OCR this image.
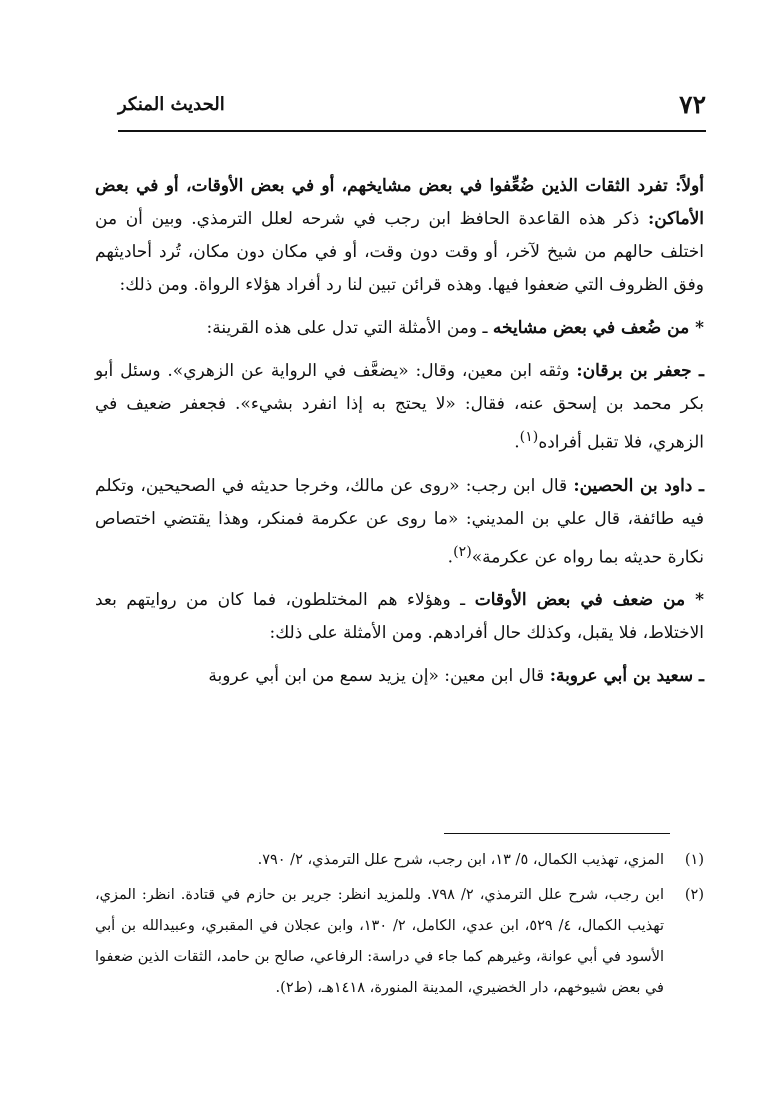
٧٢
الحديث المنكر

أولاً: تفرد الثقات الذين ضُعِّفوا في بعض مشايخهم، أو في بعض الأوقات، أو في بعض الأماكن: ذكر هذه القاعدة الحافظ ابن رجب في شرحه لعلل الترمذي. وبين أن من اختلف حالهم من شيخ لآخر، أو وقت دون وقت، أو في مكان دون مكان، تُرد أحاديثهم وفق الظروف التي ضعفوا فيها. وهذه قرائن تبين لنا رد أفراد هؤلاء الرواة. ومن ذلك:

* من ضُعف في بعض مشايخه ـ ومن الأمثلة التي تدل على هذه القرينة:

ـ جعفر بن برقان: وثقه ابن معين، وقال: «يضعَّف في الرواية عن الزهري». وسئل أبو بكر محمد بن إسحق عنه، فقال: «لا يحتج به إذا انفرد بشيء». فجعفر ضعيف في الزهري، فلا تقبل أفراده$^{(١)}$.

ـ داود بن الحصين: قال ابن رجب: «روى عن مالك، وخرجا حديثه في الصحيحين، وتكلم فيه طائفة، قال علي بن المديني: «ما روى عن عكرمة فمنكر، وهذا يقتضي اختصاص نكارة حديثه بما رواه عن عكرمة»$^{(٢)}$.

* من ضعف في بعض الأوقات ـ وهؤلاء هم المختلطون، فما كان من روايتهم بعد الاختلاط، فلا يقبل، وكذلك حال أفرادهم. ومن الأمثلة على ذلك:

ـ سعيد بن أبي عروبة: قال ابن معين: «إن يزيد سمع من ابن أبي عروبة

(١)
المزي، تهذيب الكمال، ٥/ ١٣، ابن رجب، شرح علل الترمذي، ٢/ ٧٩٠.
(٢)
ابن رجب، شرح علل الترمذي، ٢/ ٧٩٨. وللمزيد انظر: جرير بن حازم في قتادة. انظر: المزي، تهذيب الكمال، ٤/ ٥٢٩، ابن عدي، الكامل، ٢/ ١٣٠، وابن عجلان في المقبري، وعبيدالله بن أبي الأسود في أبي عوانة، وغيرهم كما جاء في دراسة: الرفاعي، صالح بن حامد، الثقات الذين ضعفوا في بعض شيوخهم، دار الخضيري، المدينة المنورة، ١٤١٨هـ، (ط٢).
